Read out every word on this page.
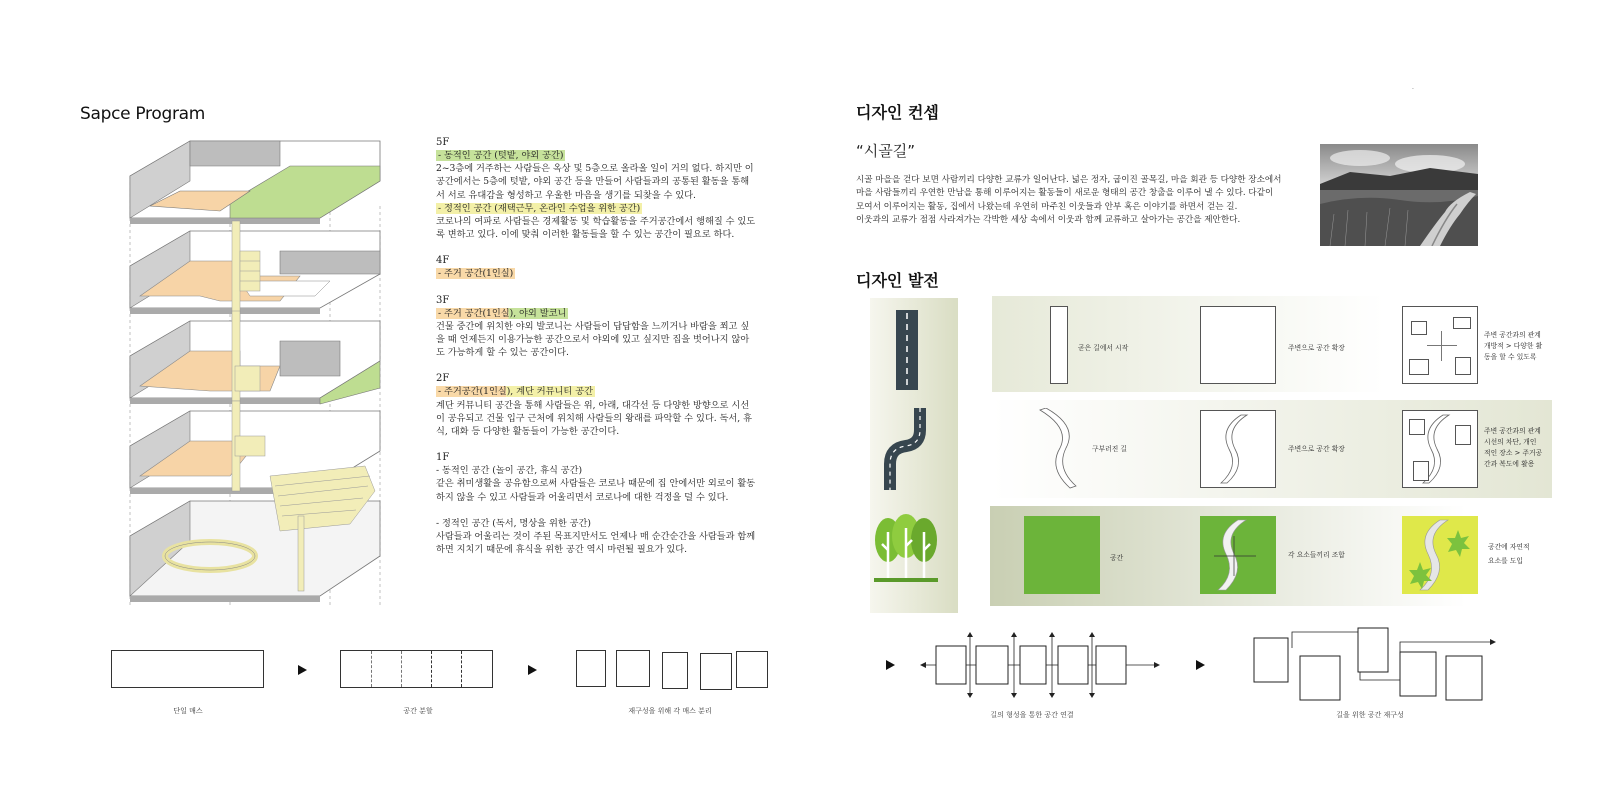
Sapce Program
5F
- 동적인 공간 (텃밭, 야외 공간)
2~3층에 거주하는 사람들은 옥상 및 5층으로 올라올 일이 거의 없다. 하지만 이 공간에서는 5층에 텃밭, 야외 공간 등을 만들어 사람들과의 공통된 활동을 통해서 서로 유대감을 형성하고 우울한 마음을 생기를 되찾을 수 있다.
- 정적인 공간 (재택근무, 온라인 수업을 위한 공간)
코로나의 여파로 사람들은 경제활동 및 학습활동을 주거공간에서 행해질 수 있도록 변하고 있다. 이에 맞춰 이러한 활동들을 할 수 있는 공간이 필요로 하다.
4F
- 주거 공간(1인실)
3F
- 주거 공간(1인실), 야외 발코니
건물 중간에 위치한 야외 발코니는 사람들이 답답함을 느끼거나 바람을 쬐고 싶을 때 언제든지 이용가능한 공간으로서 야외에 있고 싶지만 집을 벗어나지 않아도 가능하게 할 수 있는 공간이다.
2F
- 주거공간(1인실), 계단 커뮤니티 공간
계단 커뮤니티 공간을 통해 사람들은 위, 아래, 대각선 등 다양한 방향으로 시선이 공유되고 건물 입구 근처에 위치해 사람들의 왕래를 파악할 수 있다. 독서, 휴식, 대화 등 다양한 활동들이 가능한 공간이다.
1F
- 동적인 공간 (놀이 공간, 휴식 공간)
같은 취미생활을 공유함으로써 사람들은 코로나 때문에 집 안에서만 외로이 활동하지 않을 수 있고 사람들과 어울리면서 코로나에 대한 걱정을 덜 수 있다.
- 정적인 공간 (독서, 명상을 위한 공간)
사람들과 어울리는 것이 주된 목표지만서도 언제나 매 순간순간을 사람들과 함께 하면 지치기 때문에 휴식을 위한 공간 역시 마련될 필요가 있다.
단일 매스	공간 분할	재구성을 위해 각 매스 분리
.
디자인 컨셉
“시골길”
시골 마을을 걷다 보면 사람끼리 다양한 교류가 일어난다. 넓은 정자, 굽이진 골목길, 마을 회관 등 다양한 장소에서
마을 사람들끼리 우연한 만남을 통해 이루어지는 활동들이 새로운 형태의 공간 창출을 이루어 낼 수 있다. 다같이
모여서 이루어지는 활동, 집에서 나왔는데 우연히 마주친 이웃들과 안부 혹은 이야기를 하면서 걷는 길.
이웃과의 교류가 점점 사라져가는 각박한 세상 속에서 이웃과 함께 교류하고 살아가는 공간을 제안한다.
디자인 발전
곧은 길에서 시작	주변으로 공간 확장
주변 공간과의 관계
개방적 > 다양한 활
동을 할 수 있도록
구부러진 길	주변으로 공간 확장
주변 공간과의 관계
시선의 차단, 개인
적인 장소 > 주거공
간과 복도에 활용
공간	각 요소들끼리 조합
공간에 자연적
요소를 도입
길의 형성을 통한 공간 연결	길을 위한 공간 재구성
